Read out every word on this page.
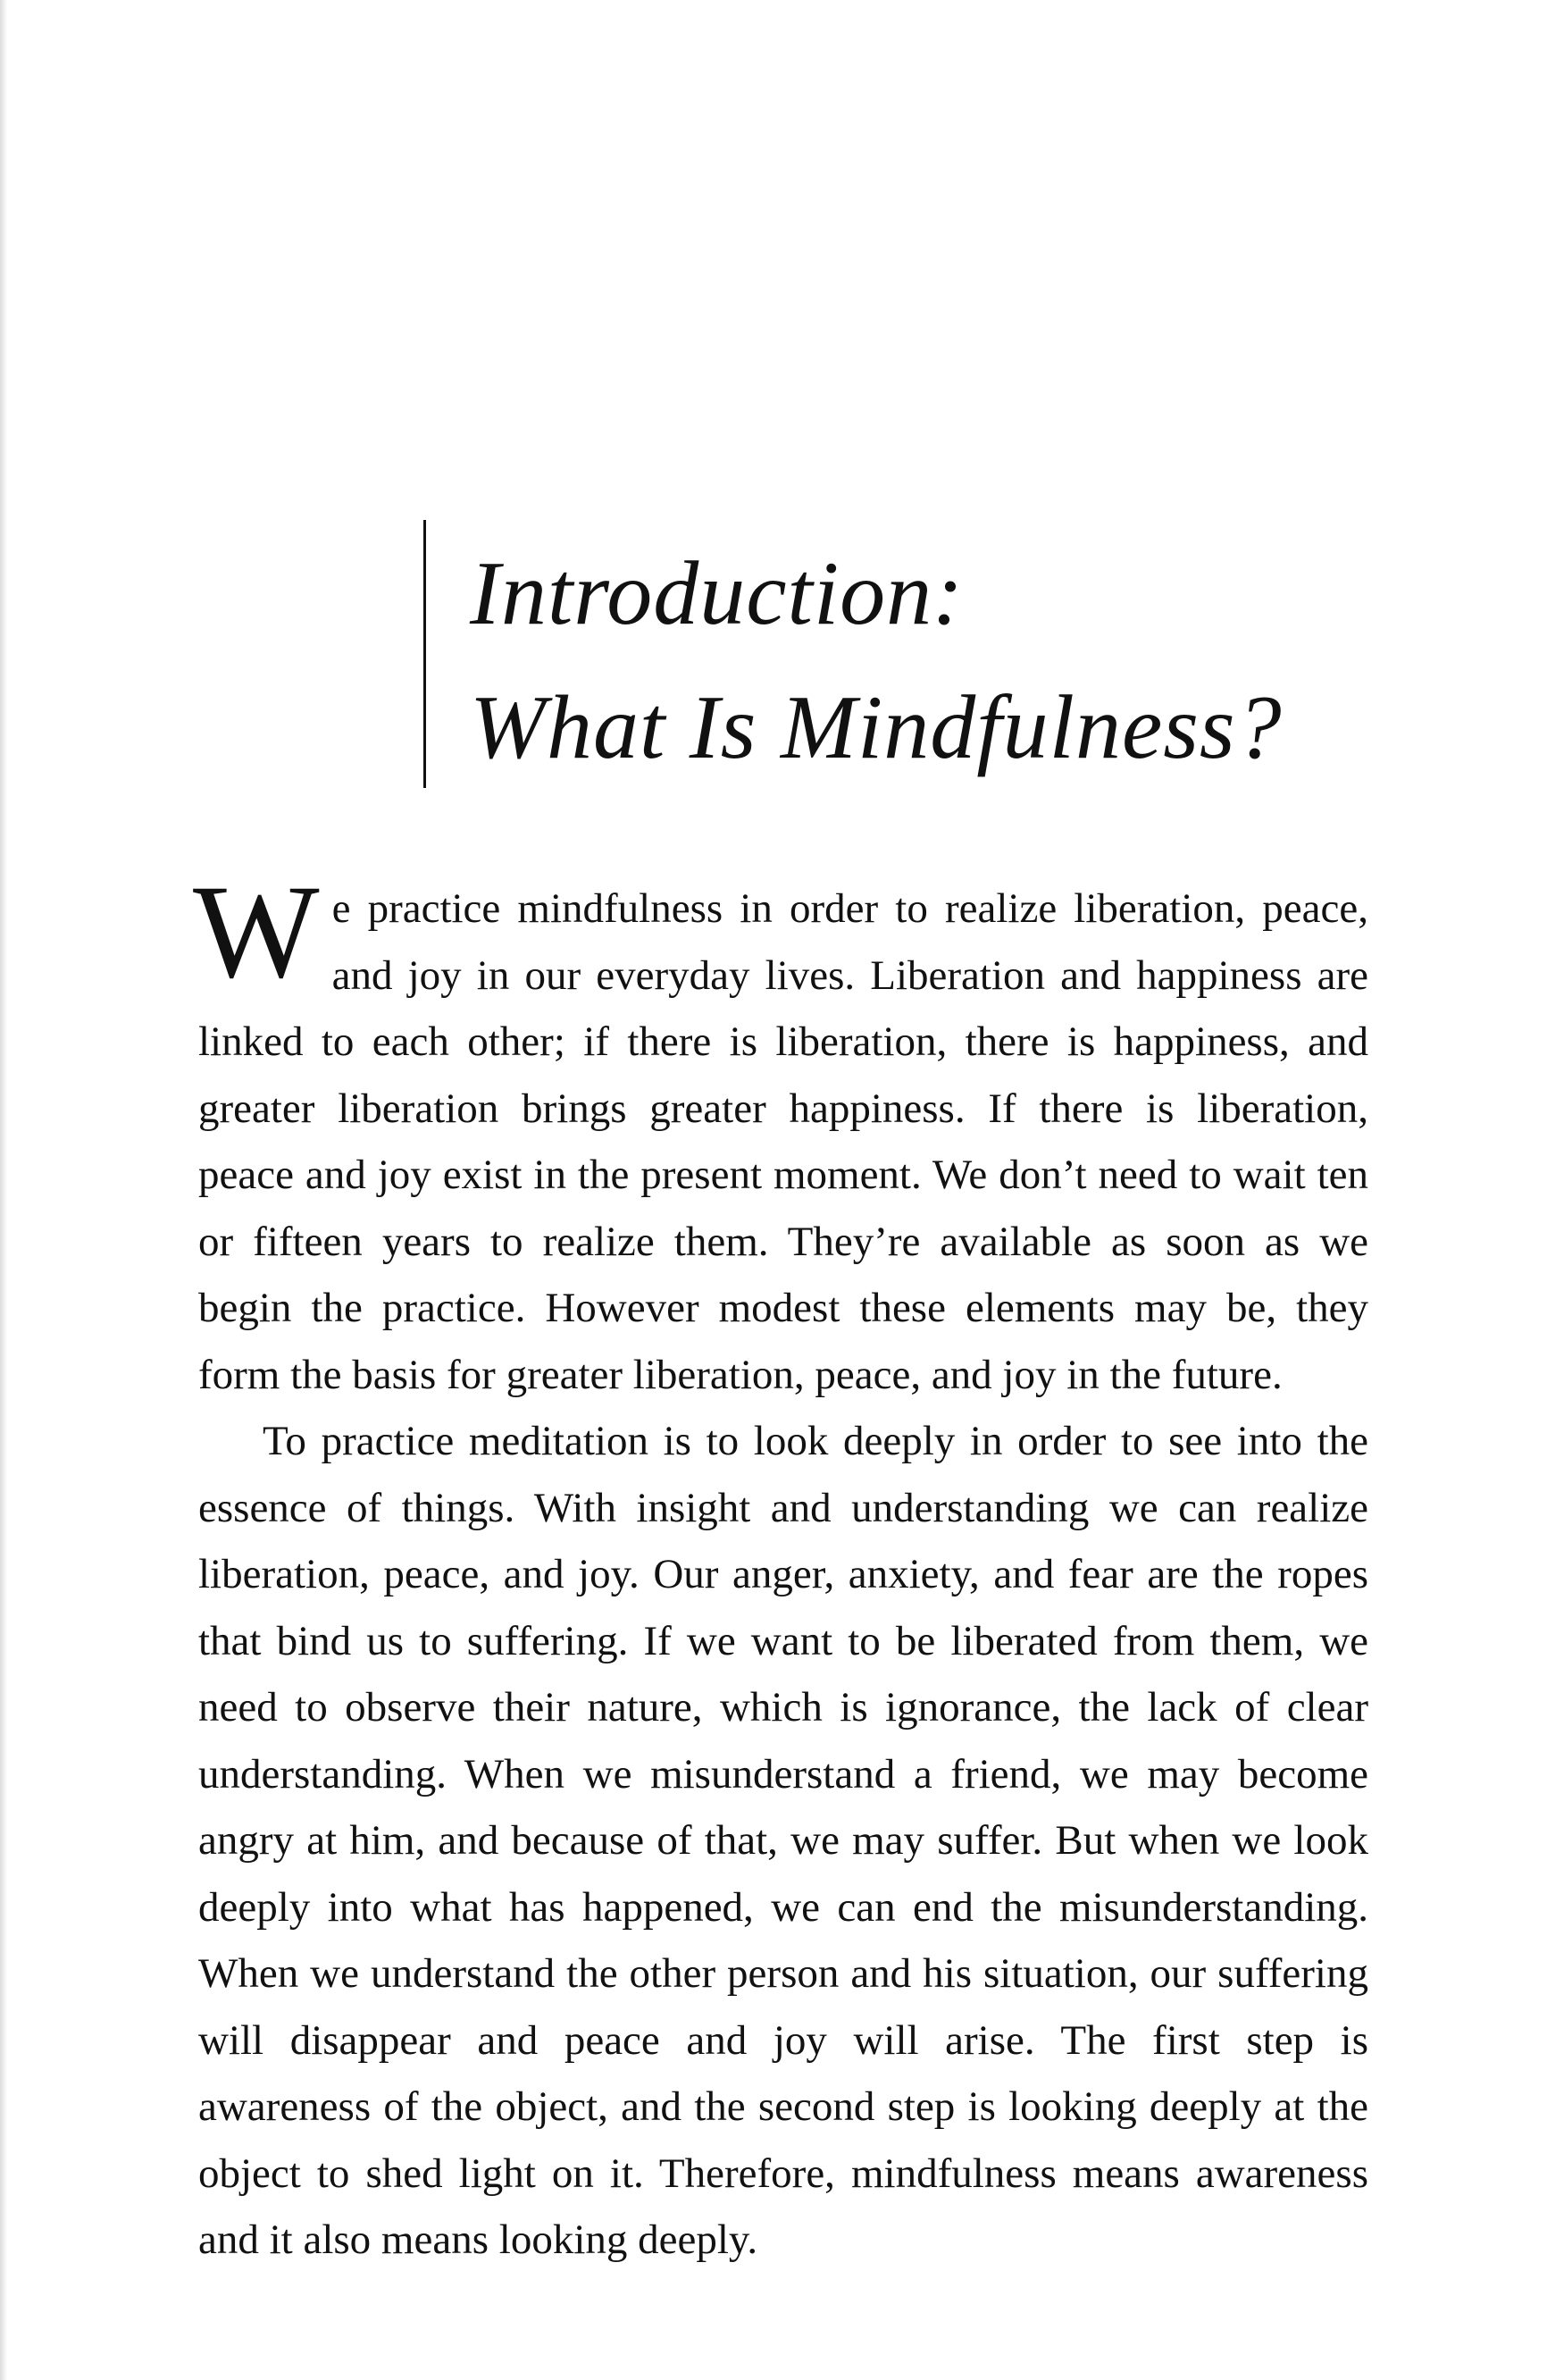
Introduction:
What Is Mindfulness?

We practice mindfulness in order to realize liberation, peace, and joy in our everyday lives. Liberation and happiness are linked to each other; if there is liberation, there is happiness, and greater liberation brings greater happiness. If there is liberation, peace and joy exist in the present moment. We don’t need to wait ten or fifteen years to realize them. They’re available as soon as we begin the practice. However modest these elements may be, they form the basis for greater liberation, peace, and joy in the future.

To practice meditation is to look deeply in order to see into the essence of things. With insight and understanding we can realize liberation, peace, and joy. Our anger, anxiety, and fear are the ropes that bind us to suffering. If we want to be liberated from them, we need to observe their nature, which is ignorance, the lack of clear understanding. When we misunderstand a friend, we may become angry at him, and because of that, we may suffer. But when we look deeply into what has happened, we can end the misunderstanding. When we understand the other person and his situation, our suffering will disappear and peace and joy will arise. The first step is awareness of the object, and the second step is looking deeply at the object to shed light on it. Therefore, mindfulness means awareness and it also means looking deeply.
